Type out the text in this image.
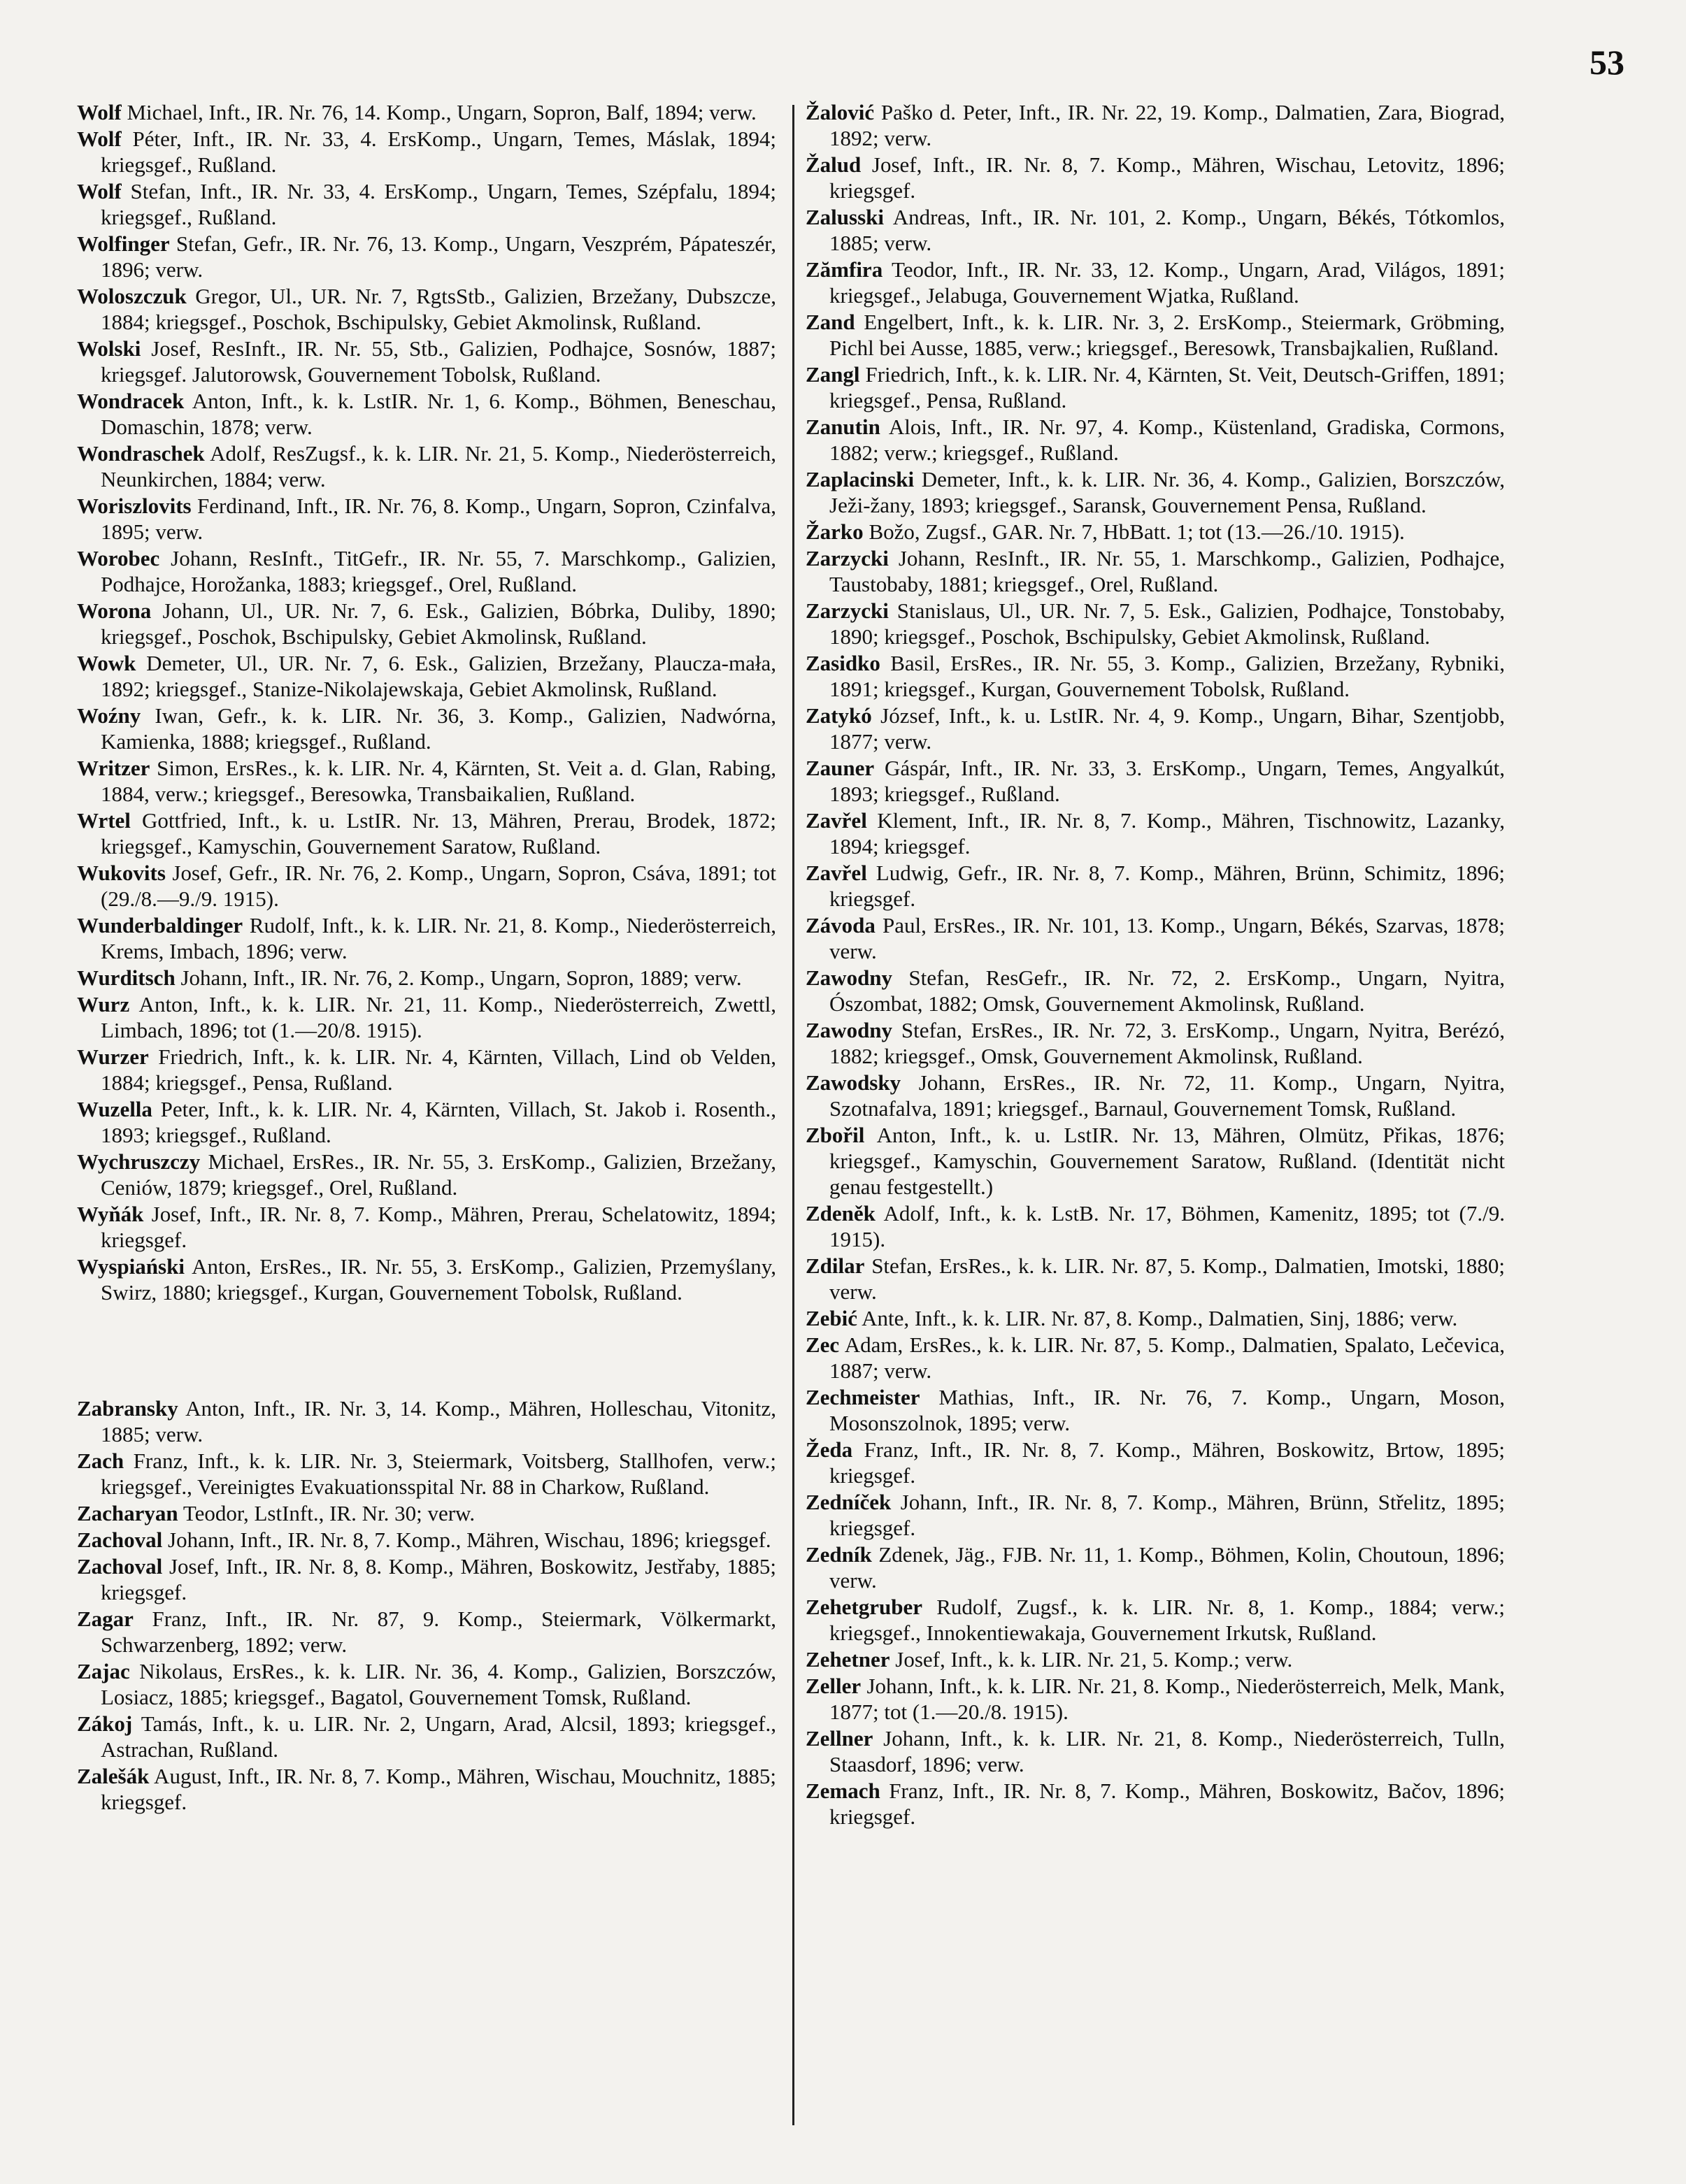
53

Wolf Michael, Inft., IR. Nr. 76, 14. Komp., Ungarn, Sopron, Balf, 1894; verw.

Wolf Péter, Inft., IR. Nr. 33, 4. ErsKomp., Ungarn, Temes, Máslak, 1894; kriegsgef., Rußland.

Wolf Stefan, Inft., IR. Nr. 33, 4. ErsKomp., Ungarn, Temes, Szépfalu, 1894; kriegsgef., Rußland.

Wolfinger Stefan, Gefr., IR. Nr. 76, 13. Komp., Ungarn, Veszprém, Pápateszér, 1896; verw.

Woloszczuk Gregor, Ul., UR. Nr. 7, RgtsStb., Galizien, Brzežany, Dubszcze, 1884; kriegsgef., Poschok, Bschipulsky, Gebiet Akmolinsk, Rußland.

Wolski Josef, ResInft., IR. Nr. 55, Stb., Galizien, Podhajce, Sosnów, 1887; kriegsgef. Jalutorowsk, Gouvernement Tobolsk, Rußland.

Wondracek Anton, Inft., k. k. LstIR. Nr. 1, 6. Komp., Böhmen, Beneschau, Domaschin, 1878; verw.

Wondraschek Adolf, ResZugsf., k. k. LIR. Nr. 21, 5. Komp., Niederösterreich, Neunkirchen, 1884; verw.

Woriszlovits Ferdinand, Inft., IR. Nr. 76, 8. Komp., Ungarn, Sopron, Czinfalva, 1895; verw.

Worobec Johann, ResInft., TitGefr., IR. Nr. 55, 7. Marschkomp., Galizien, Podhajce, Horožanka, 1883; kriegsgef., Orel, Rußland.

Worona Johann, Ul., UR. Nr. 7, 6. Esk., Galizien, Bóbrka, Duliby, 1890; kriegsgef., Poschok, Bschipulsky, Gebiet Akmolinsk, Rußland.

Wowk Demeter, Ul., UR. Nr. 7, 6. Esk., Galizien, Brzežany, Plaucza-mała, 1892; kriegsgef., Stanize-Nikolajewskaja, Gebiet Akmolinsk, Rußland.

Woźny Iwan, Gefr., k. k. LIR. Nr. 36, 3. Komp., Galizien, Nadwórna, Kamienka, 1888; kriegsgef., Rußland.

Writzer Simon, ErsRes., k. k. LIR. Nr. 4, Kärnten, St. Veit a. d. Glan, Rabing, 1884, verw.; kriegsgef., Beresowka, Transbaikalien, Rußland.

Wrtel Gottfried, Inft., k. u. LstIR. Nr. 13, Mähren, Prerau, Brodek, 1872; kriegsgef., Kamyschin, Gouvernement Saratow, Rußland.

Wukovits Josef, Gefr., IR. Nr. 76, 2. Komp., Ungarn, Sopron, Csáva, 1891; tot (29./8.—9./9. 1915).

Wunderbaldinger Rudolf, Inft., k. k. LIR. Nr. 21, 8. Komp., Niederösterreich, Krems, Imbach, 1896; verw.

Wurditsch Johann, Inft., IR. Nr. 76, 2. Komp., Ungarn, Sopron, 1889; verw.

Wurz Anton, Inft., k. k. LIR. Nr. 21, 11. Komp., Niederösterreich, Zwettl, Limbach, 1896; tot (1.—20/8. 1915).

Wurzer Friedrich, Inft., k. k. LIR. Nr. 4, Kärnten, Villach, Lind ob Velden, 1884; kriegsgef., Pensa, Rußland.

Wuzella Peter, Inft., k. k. LIR. Nr. 4, Kärnten, Villach, St. Jakob i. Rosenth., 1893; kriegsgef., Rußland.

Wychruszczy Michael, ErsRes., IR. Nr. 55, 3. ErsKomp., Galizien, Brzežany, Ceniów, 1879; kriegsgef., Orel, Rußland.

Wyňák Josef, Inft., IR. Nr. 8, 7. Komp., Mähren, Prerau, Schelatowitz, 1894; kriegsgef.

Wyspiański Anton, ErsRes., IR. Nr. 55, 3. ErsKomp., Galizien, Przemyślany, Swirz, 1880; kriegsgef., Kurgan, Gouvernement Tobolsk, Rußland.

Zabransky Anton, Inft., IR. Nr. 3, 14. Komp., Mähren, Holleschau, Vitonitz, 1885; verw.

Zach Franz, Inft., k. k. LIR. Nr. 3, Steiermark, Voitsberg, Stallhofen, verw.; kriegsgef., Vereinigtes Evakuationsspital Nr. 88 in Charkow, Rußland.

Zacharyan Teodor, LstInft., IR. Nr. 30; verw.

Zachoval Johann, Inft., IR. Nr. 8, 7. Komp., Mähren, Wischau, 1896; kriegsgef.

Zachoval Josef, Inft., IR. Nr. 8, 8. Komp., Mähren, Boskowitz, Jestřaby, 1885; kriegsgef.

Zagar Franz, Inft., IR. Nr. 87, 9. Komp., Steiermark, Völkermarkt, Schwarzenberg, 1892; verw.

Zajac Nikolaus, ErsRes., k. k. LIR. Nr. 36, 4. Komp., Galizien, Borszczów, Losiacz, 1885; kriegsgef., Bagatol, Gouvernement Tomsk, Rußland.

Zákoj Tamás, Inft., k. u. LIR. Nr. 2, Ungarn, Arad, Alcsil, 1893; kriegsgef., Astrachan, Rußland.

Zalešák August, Inft., IR. Nr. 8, 7. Komp., Mähren, Wischau, Mouchnitz, 1885; kriegsgef.

Žalović Paško d. Peter, Inft., IR. Nr. 22, 19. Komp., Dalmatien, Zara, Biograd, 1892; verw.

Žalud Josef, Inft., IR. Nr. 8, 7. Komp., Mähren, Wischau, Letovitz, 1896; kriegsgef.

Zalusski Andreas, Inft., IR. Nr. 101, 2. Komp., Ungarn, Békés, Tótkomlos, 1885; verw.

Zămfira Teodor, Inft., IR. Nr. 33, 12. Komp., Ungarn, Arad, Világos, 1891; kriegsgef., Jelabuga, Gouvernement Wjatka, Rußland.

Zand Engelbert, Inft., k. k. LIR. Nr. 3, 2. ErsKomp., Steiermark, Gröbming, Pichl bei Ausse, 1885, verw.; kriegsgef., Beresowk, Transbajkalien, Rußland.

Zangl Friedrich, Inft., k. k. LIR. Nr. 4, Kärnten, St. Veit, Deutsch-Griffen, 1891; kriegsgef., Pensa, Rußland.

Zanutin Alois, Inft., IR. Nr. 97, 4. Komp., Küstenland, Gradiska, Cormons, 1882; verw.; kriegsgef., Rußland.

Zaplacinski Demeter, Inft., k. k. LIR. Nr. 36, 4. Komp., Galizien, Borszczów, Ježi-žany, 1893; kriegsgef., Saransk, Gouvernement Pensa, Rußland.

Žarko Božo, Zugsf., GAR. Nr. 7, HbBatt. 1; tot (13.—26./10. 1915).

Zarzycki Johann, ResInft., IR. Nr. 55, 1. Marschkomp., Galizien, Podhajce, Taustobaby, 1881; kriegsgef., Orel, Rußland.

Zarzycki Stanislaus, Ul., UR. Nr. 7, 5. Esk., Galizien, Podhajce, Tonstobaby, 1890; kriegsgef., Poschok, Bschipulsky, Gebiet Akmolinsk, Rußland.

Zasidko Basil, ErsRes., IR. Nr. 55, 3. Komp., Galizien, Brzežany, Rybniki, 1891; kriegsgef., Kurgan, Gouvernement Tobolsk, Rußland.

Zatykó József, Inft., k. u. LstIR. Nr. 4, 9. Komp., Ungarn, Bihar, Szentjobb, 1877; verw.

Zauner Gáspár, Inft., IR. Nr. 33, 3. ErsKomp., Ungarn, Temes, Angyalkút, 1893; kriegsgef., Rußland.

Zavřel Klement, Inft., IR. Nr. 8, 7. Komp., Mähren, Tischnowitz, Lazanky, 1894; kriegsgef.

Zavřel Ludwig, Gefr., IR. Nr. 8, 7. Komp., Mähren, Brünn, Schimitz, 1896; kriegsgef.

Závoda Paul, ErsRes., IR. Nr. 101, 13. Komp., Ungarn, Békés, Szarvas, 1878; verw.

Zawodny Stefan, ResGefr., IR. Nr. 72, 2. ErsKomp., Ungarn, Nyitra, Ószombat, 1882; Omsk, Gouvernement Akmolinsk, Rußland.

Zawodny Stefan, ErsRes., IR. Nr. 72, 3. ErsKomp., Ungarn, Nyitra, Berézó, 1882; kriegsgef., Omsk, Gouvernement Akmolinsk, Rußland.

Zawodsky Johann, ErsRes., IR. Nr. 72, 11. Komp., Ungarn, Nyitra, Szotnafalva, 1891; kriegsgef., Barnaul, Gouvernement Tomsk, Rußland.

Zbořil Anton, Inft., k. u. LstIR. Nr. 13, Mähren, Olmütz, Přikas, 1876; kriegsgef., Kamyschin, Gouvernement Saratow, Rußland. (Identität nicht genau festgestellt.)

Zdeněk Adolf, Inft., k. k. LstB. Nr. 17, Böhmen, Kamenitz, 1895; tot (7./9. 1915).

Zdilar Stefan, ErsRes., k. k. LIR. Nr. 87, 5. Komp., Dalmatien, Imotski, 1880; verw.

Zebić Ante, Inft., k. k. LIR. Nr. 87, 8. Komp., Dalmatien, Sinj, 1886; verw.

Zec Adam, ErsRes., k. k. LIR. Nr. 87, 5. Komp., Dalmatien, Spalato, Lečevica, 1887; verw.

Zechmeister Mathias, Inft., IR. Nr. 76, 7. Komp., Ungarn, Moson, Mosonszolnok, 1895; verw.

Žeda Franz, Inft., IR. Nr. 8, 7. Komp., Mähren, Boskowitz, Brtow, 1895; kriegsgef.

Zedníček Johann, Inft., IR. Nr. 8, 7. Komp., Mähren, Brünn, Střelitz, 1895; kriegsgef.

Zedník Zdenek, Jäg., FJB. Nr. 11, 1. Komp., Böhmen, Kolin, Choutoun, 1896; verw.

Zehetgruber Rudolf, Zugsf., k. k. LIR. Nr. 8, 1. Komp., 1884; verw.; kriegsgef., Innokentiewakaja, Gouvernement Irkutsk, Rußland.

Zehetner Josef, Inft., k. k. LIR. Nr. 21, 5. Komp.; verw.

Zeller Johann, Inft., k. k. LIR. Nr. 21, 8. Komp., Niederösterreich, Melk, Mank, 1877; tot (1.—20./8. 1915).

Zellner Johann, Inft., k. k. LIR. Nr. 21, 8. Komp., Niederösterreich, Tulln, Staasdorf, 1896; verw.

Zemach Franz, Inft., IR. Nr. 8, 7. Komp., Mähren, Boskowitz, Bačov, 1896; kriegsgef.
